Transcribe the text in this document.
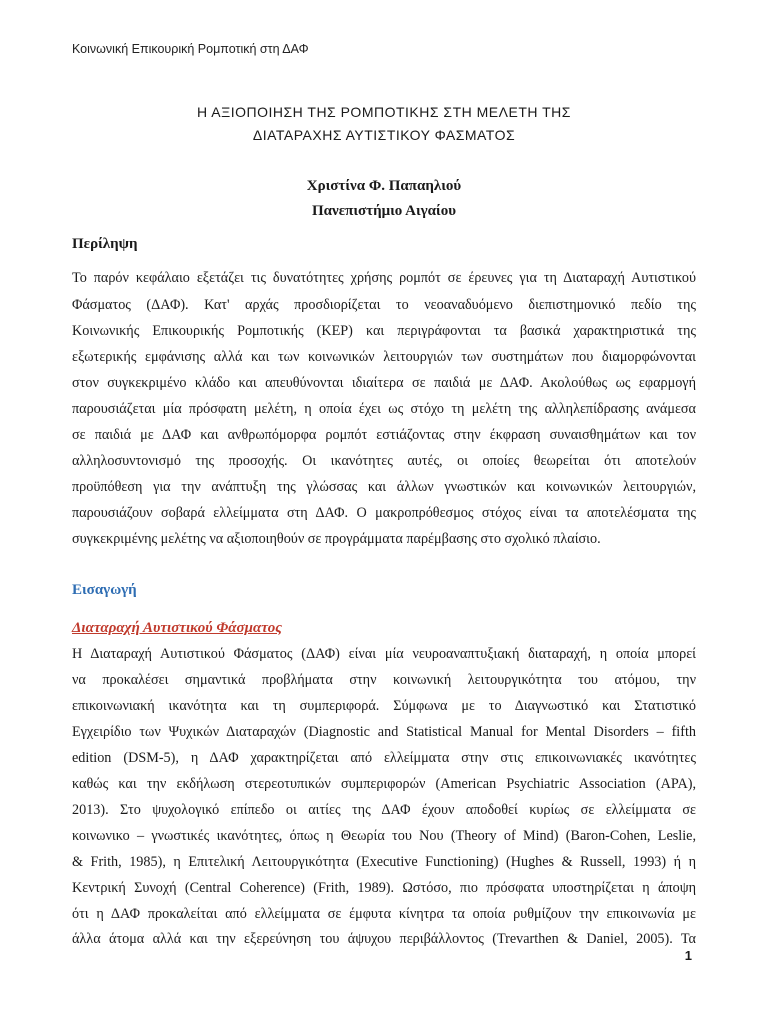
Κοινωνική Επικουρική Ρομποτική στη ΔΑΦ
Η ΑΞΙΟΠΟΙΗΣΗ ΤΗΣ ΡΟΜΠΟΤΙΚΗΣ ΣΤΗ ΜΕΛΕΤΗ ΤΗΣ
ΔΙΑΤΑΡΑΧΗΣ ΑΥΤΙΣΤΙΚΟΥ ΦΑΣΜΑΤΟΣ
Χριστίνα Φ. Παπαηλιού
Πανεπιστήμιο Αιγαίου
Περίληψη
Το παρόν κεφάλαιο εξετάζει τις δυνατότητες χρήσης ρομπότ σε έρευνες για τη Διαταραχή Αυτιστικού
Φάσματος (ΔΑΦ). Κατ' αρχάς προσδιορίζεται το νεοαναδυόμενο διεπιστημονικό πεδίο της
Κοινωνικής Επικουρικής Ρομποτικής (ΚΕΡ) και περιγράφονται τα βασικά χαρακτηριστικά της
εξωτερικής εμφάνισης αλλά και των κοινωνικών λειτουργιών των συστημάτων που διαμορφώνονται
στον συγκεκριμένο κλάδο και απευθύνονται ιδιαίτερα σε παιδιά με ΔΑΦ. Ακολούθως ως εφαρμογή
παρουσιάζεται μία πρόσφατη μελέτη, η οποία έχει ως στόχο τη μελέτη της αλληλεπίδρασης ανάμεσα
σε παιδιά με ΔΑΦ και ανθρωπόμορφα ρομπότ εστιάζοντας στην έκφραση συναισθημάτων και τον
αλληλοσυντονισμό της προσοχής. Οι ικανότητες αυτές, οι οποίες θεωρείται ότι αποτελούν
προϋπόθεση για την ανάπτυξη της γλώσσας και άλλων γνωστικών και κοινωνικών λειτουργιών,
παρουσιάζουν σοβαρά ελλείμματα στη ΔΑΦ. Ο μακροπρόθεσμος στόχος είναι τα αποτελέσματα της
συγκεκριμένης μελέτης να αξιοποιηθούν σε προγράμματα παρέμβασης στο σχολικό πλαίσιο.
Εισαγωγή
Διαταραχή Αυτιστικού Φάσματος
Η Διαταραχή Αυτιστικού Φάσματος (ΔΑΦ) είναι μία νευροαναπτυξιακή διαταραχή, η οποία μπορεί
να προκαλέσει σημαντικά προβλήματα στην κοινωνική λειτουργικότητα του ατόμου, την
επικοινωνιακή ικανότητα και τη συμπεριφορά. Σύμφωνα με το Διαγνωστικό και Στατιστικό
Εγχειρίδιο των Ψυχικών Διαταραχών (Diagnostic and Statistical Manual for Mental Disorders – fifth
edition (DSM-5), η ΔΑΦ χαρακτηρίζεται από ελλείμματα στην στις επικοινωνιακές ικανότητες
καθώς και την εκδήλωση στερεοτυπικών συμπεριφορών (American Psychiatric Association (APA),
2013). Στο ψυχολογικό επίπεδο οι αιτίες της ΔΑΦ έχουν αποδοθεί κυρίως σε ελλείμματα σε
κοινωνικο – γνωστικές ικανότητες, όπως η Θεωρία του Νου (Theory of Mind) (Baron-Cohen, Leslie,
& Frith, 1985), η Επιτελική Λειτουργικότητα (Executive Functioning) (Hughes & Russell, 1993) ή η
Κεντρική Συνοχή (Central Coherence) (Frith, 1989). Ωστόσο, πιο πρόσφατα υποστηρίζεται η άποψη
ότι η ΔΑΦ προκαλείται από ελλείμματα σε έμφυτα κίνητρα τα οποία ρυθμίζουν την επικοινωνία με
άλλα άτομα αλλά και την εξερεύνηση του άψυχου περιβάλλοντος (Trevarthen & Daniel, 2005). Τα
1
